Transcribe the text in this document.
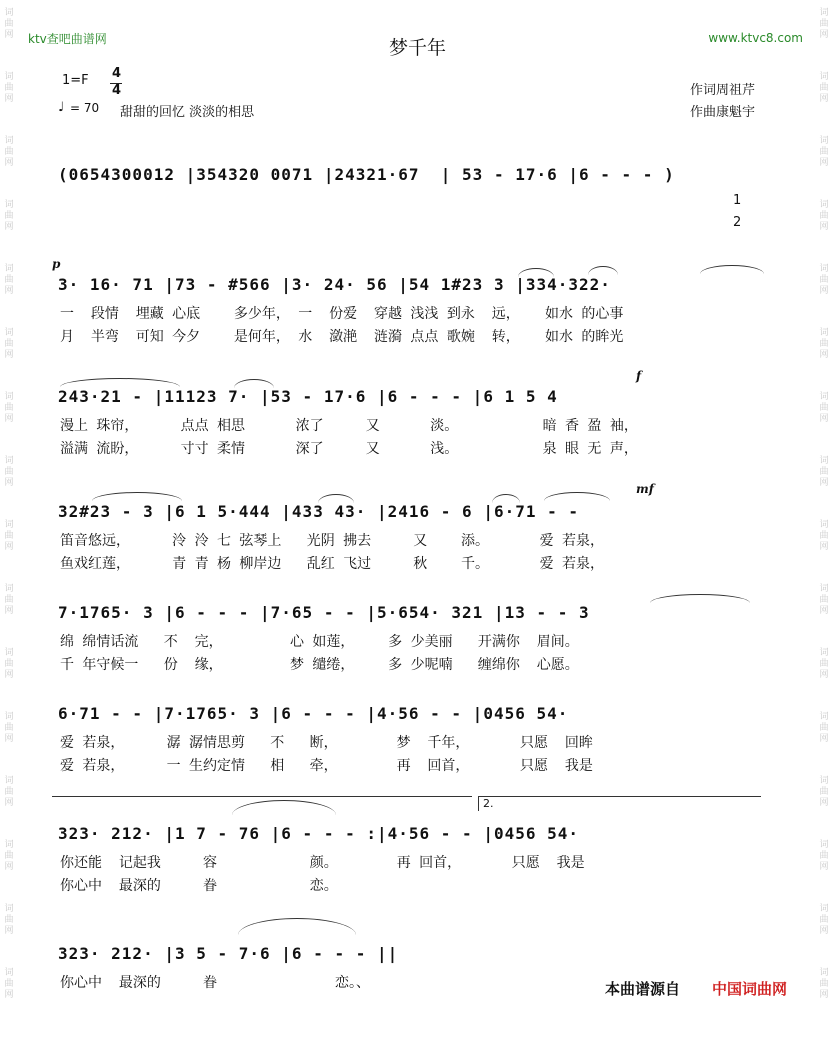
词
曲
网
词
曲
网
词
曲
网
词
曲
网
词
曲
网
词
曲
网
词
曲
网
词
曲
网
词
曲
网
词
曲
网
词
曲
网
词
曲
网
词
曲
网
词
曲
网
词
曲
网
词
曲
网
词
曲
网
词
曲
网
词
曲
网
词
曲
网
词
曲
网
词
曲
网
词
曲
网
词
曲
网
词
曲
网
词
曲
网
词
曲
网
词
曲
网
词
曲
网
词
曲
网
词
曲
网
词
曲
网
ktv查吧曲谱网	www.ktvc8.com
梦千年
1=F 4
4
♩ = 70 甜甜的回忆 淡淡的相思
作词周祖芹
作曲康魁宇
(0654300012 |354320 0071 |24321·67  | 53 - 17·6 |6 - - - )
1
2
p
3· 16· 71 |73 - #566 |3· 24· 56 |54 1#23 3 |334·322·
一  段情  埋藏 心底    多少年， 一  份爱  穿越 浅浅 到永  远，   如水 的心事
月  半弯  可知 今夕    是何年， 水  潋滟  涟漪 点点 歌婉  转，   如水 的眸光
f
243·21 - |11123 7· |53 - 17·6 |6 - - - |6 1 5 4
漫上 珠帘，     点点 相思      浓了     又      淡。          暗 香 盈 袖，
溢满 流盼，     寸寸 柔情      深了     又      浅。          泉 眼 无 声，
mf
32#23 - 3 |6 1 5·444 |433 43· |2416 - 6 |6·71 - -
笛音悠远，     泠 泠 七 弦琴上   光阴 拂去     又    添。      爱 若泉，
鱼戏红莲，     青 青 杨 柳岸边   乱红 飞过     秋    千。      爱 若泉，
7·1765· 3 |6 - - - |7·65 - - |5·654· 321 |13 - - 3
绵 绵情话流   不  完，        心 如莲，    多 少美丽   开满你  眉间。
千 年守候一   份  缘，        梦 缱绻，    多 少呢喃   缠绵你  心愿。
6·71 - - |7·1765· 3 |6 - - - |4·56 - - |0456 54·
爱 若泉，     潺 潺情思剪   不   断，       梦  千年，      只愿  回眸
爱 若泉，     一 生约定情   相   牵，       再  回首，      只愿  我是
2.
323· 212· |1 7 - 76 |6 - - - :|4·56 - - |0456 54·
你还能  记起我     容           颜。       再 回首，      只愿  我是
你心中  最深的     眷           恋。
323· 212· |3 5 - 7·6 |6 - - - ||
你心中  最深的     眷              恋。、	本曲谱源自 中国词曲网
